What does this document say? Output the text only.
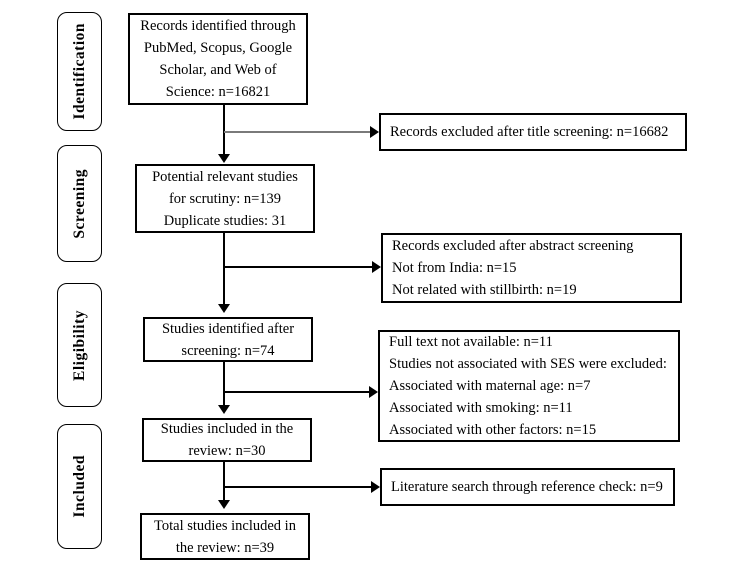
Identification
Screening
Eligibility
Included
Records identified through
PubMed, Scopus, Google
Scholar, and Web of
Science: n=16821
Potential relevant studies
for scrutiny: n=139
Duplicate studies: 31
Studies identified after
screening: n=74
Studies included in the
review: n=30
Total studies included in
the review: n=39
Records excluded after title screening: n=16682
Records excluded after abstract screening
Not from India: n=15
Not related with stillbirth: n=19
Full text not available: n=11
Studies not associated with SES were excluded:
Associated with maternal age: n=7
Associated with smoking: n=11
Associated with other factors: n=15
Literature search through reference check: n=9
